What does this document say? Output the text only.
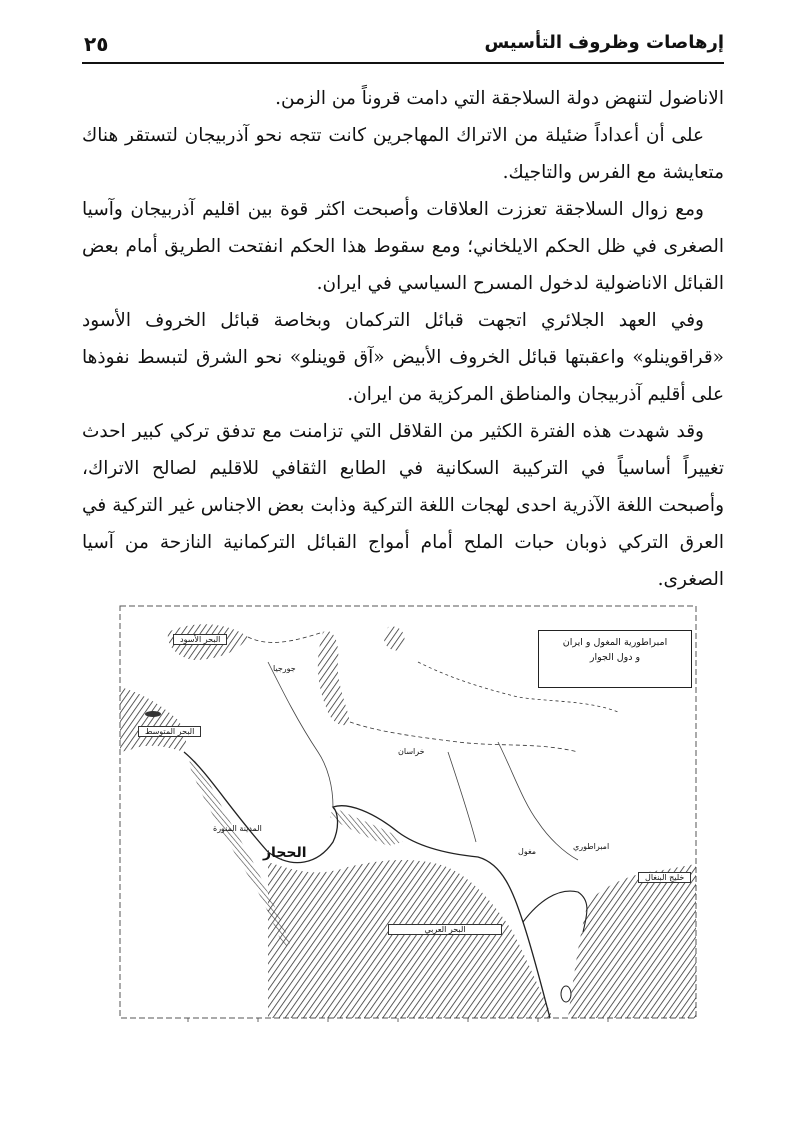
إرهاصات وظروف التأسيس
٢٥

الاناضول لتنهض دولة السلاجقة التي دامت قروناً من الزمن.

على أن أعداداً ضئيلة من الاتراك المهاجرين كانت تتجه نحو آذربيجان لتستقر هناك متعايشة مع الفرس والتاجيك.

ومع زوال السلاجقة تعززت العلاقات وأصبحت اكثر قوة بين اقليم آذربيجان وآسيا الصغرى في ظل الحكم الايلخاني؛ ومع سقوط هذا الحكم انفتحت الطريق أمام بعض القبائل الاناضولية لدخول المسرح السياسي في ايران.

وفي العهد الجلائري اتجهت قبائل التركمان وبخاصة قبائل الخروف الأسود «قراقوينلو» واعقبتها قبائل الخروف الأبيض «آق قوينلو» نحو الشرق لتبسط نفوذها على أقليم آذربيجان والمناطق المركزية من ايران.

وقد شهدت هذه الفترة الكثير من القلاقل التي تزامنت مع تدفق تركي كبير احدث تغييراً أساسياً في التركيبة السكانية في الطابع الثقافي للاقليم لصالح الاتراك، وأصبحت اللغة الآذرية احدى لهجات اللغة التركية وذابت بعض الاجناس غير التركية في العرق التركي ذوبان حبات الملح أمام أمواج القبائل التركمانية النازحة من آسيا الصغرى.

امبراطورية المغول و ايران
و دول الجوار
البحر الأسود
البحر المتوسط
جورجيا
خراسان
المدينة المنورة
الحجاز	مغول
امبراطوري
خليج البنغال
البحر العربي
